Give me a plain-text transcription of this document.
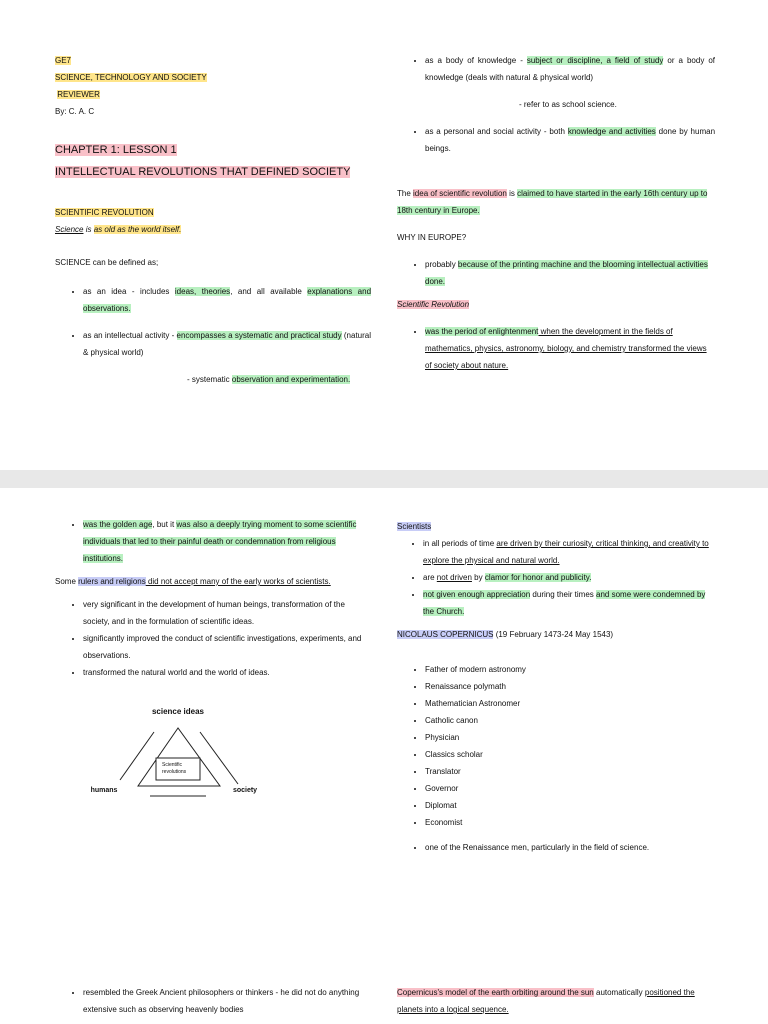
GE7

SCIENCE, TECHNOLOGY AND SOCIETY

REVIEWER

By: C. A. C

CHAPTER 1: LESSON 1

INTELLECTUAL REVOLUTIONS THAT DEFINED SOCIETY

SCIENTIFIC REVOLUTION

Science is as old as the world itself.

SCIENCE can be defined as;

• as an idea - includes ideas, theories, and all available explanations and observations.
• as an intellectual activity - encompasses a systematic and practical study (natural & physical world)

- systematic observation and experimentation.

• as a body of knowledge - subject or discipline, a field of study or a body of knowledge (deals with natural & physical world)

- refer to as school science.

• as a personal and social activity - both knowledge and activities done by human beings.

The idea of scientific revolution is claimed to have started in the early 16th century up to 18th century in Europe.

WHY IN EUROPE?

• probably because of the printing machine and the blooming intellectual activities done.

Scientific Revolution

• was the period of enlightenment when the development in the fields of mathematics, physics, astronomy, biology, and chemistry transformed the views of society about nature.
• was the golden age, but it was also a deeply trying moment to some scientific individuals that led to their painful death or condemnation from religious institutions.

Some rulers and religions did not accept many of the early works of scientists.

• very significant in the development of human beings, transformation of the society, and in the formulation of scientific ideas.
• significantly improved the conduct of scientific investigations, experiments, and observations.
• transformed the natural world and the world of ideas.
science ideas
Scientific
revolutions
humans	society
• resembled the Greek Ancient philosophers or thinkers - he did not do anything extensive such as observing heavenly bodies

Scientists

• in all periods of time are driven by their curiosity, critical thinking, and creativity to explore the physical and natural world.
• are not driven by clamor for honor and publicity.
• not given enough appreciation during their times and some were condemned by the Church.

NICOLAUS COPERNICUS (19 February 1473-24 May 1543)

• Father of modern astronomy
• Renaissance polymath
• Mathematician Astronomer
• Catholic canon
• Physician
• Classics scholar
• Translator
• Governor
• Diplomat
• Economist
• one of the Renaissance men, particularly in the field of science.

Copernicus's model of the earth orbiting around the sun automatically positioned the planets into a logical sequence.
